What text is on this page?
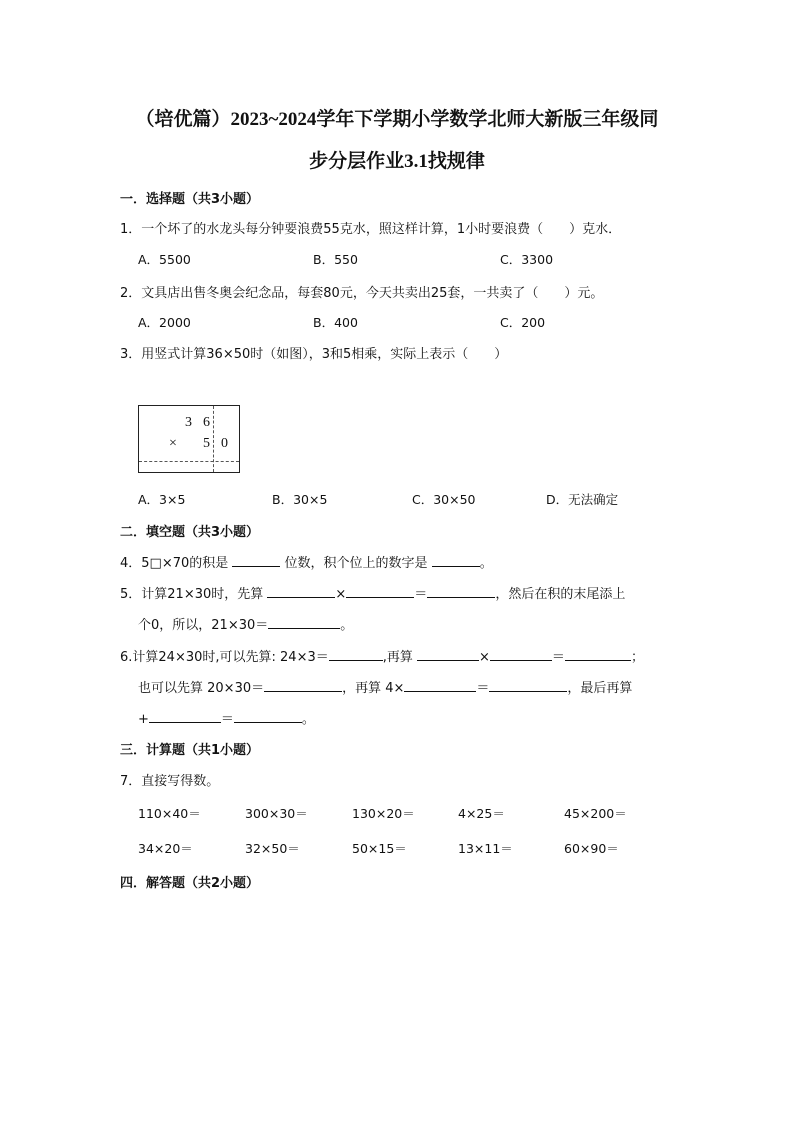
（培优篇）2023~2024学年下学期小学数学北师大新版三年级同
步分层作业3.1找规律
一．选择题（共3小题）
1．一个坏了的水龙头每分钟要浪费55克水，照这样计算，1小时要浪费（　　）克水．
A．5500	B．550	C．3300
2．文具店出售冬奥会纪念品，每套80元，今天共卖出25套，一共卖了（　　）元。
A．2000	B．400	C．200
3．用竖式计算36×50时（如图），3和5相乘，实际上表示（　　）
3 6
× 5 0
A．3×5	B．30×5	C．30×50	D．无法确定
二．填空题（共3小题）
4．5□×70的积是	位数，积个位上的数字是	。
5．计算21×30时，先算	×	＝	，然后在积的末尾添上
个0，所以，21×30＝	。
6.计算24×30时,可以先算: 24×3＝	,再算	×	＝	；
也可以先算 20×30＝	，再算 4×	＝	，最后再算
+	＝	。
三．计算题（共1小题）
7．直接写得数。
110×40＝	300×30＝	130×20＝	4×25＝	45×200＝
34×20＝	32×50＝	50×15＝	13×11＝	60×90＝
四．解答题（共2小题）
